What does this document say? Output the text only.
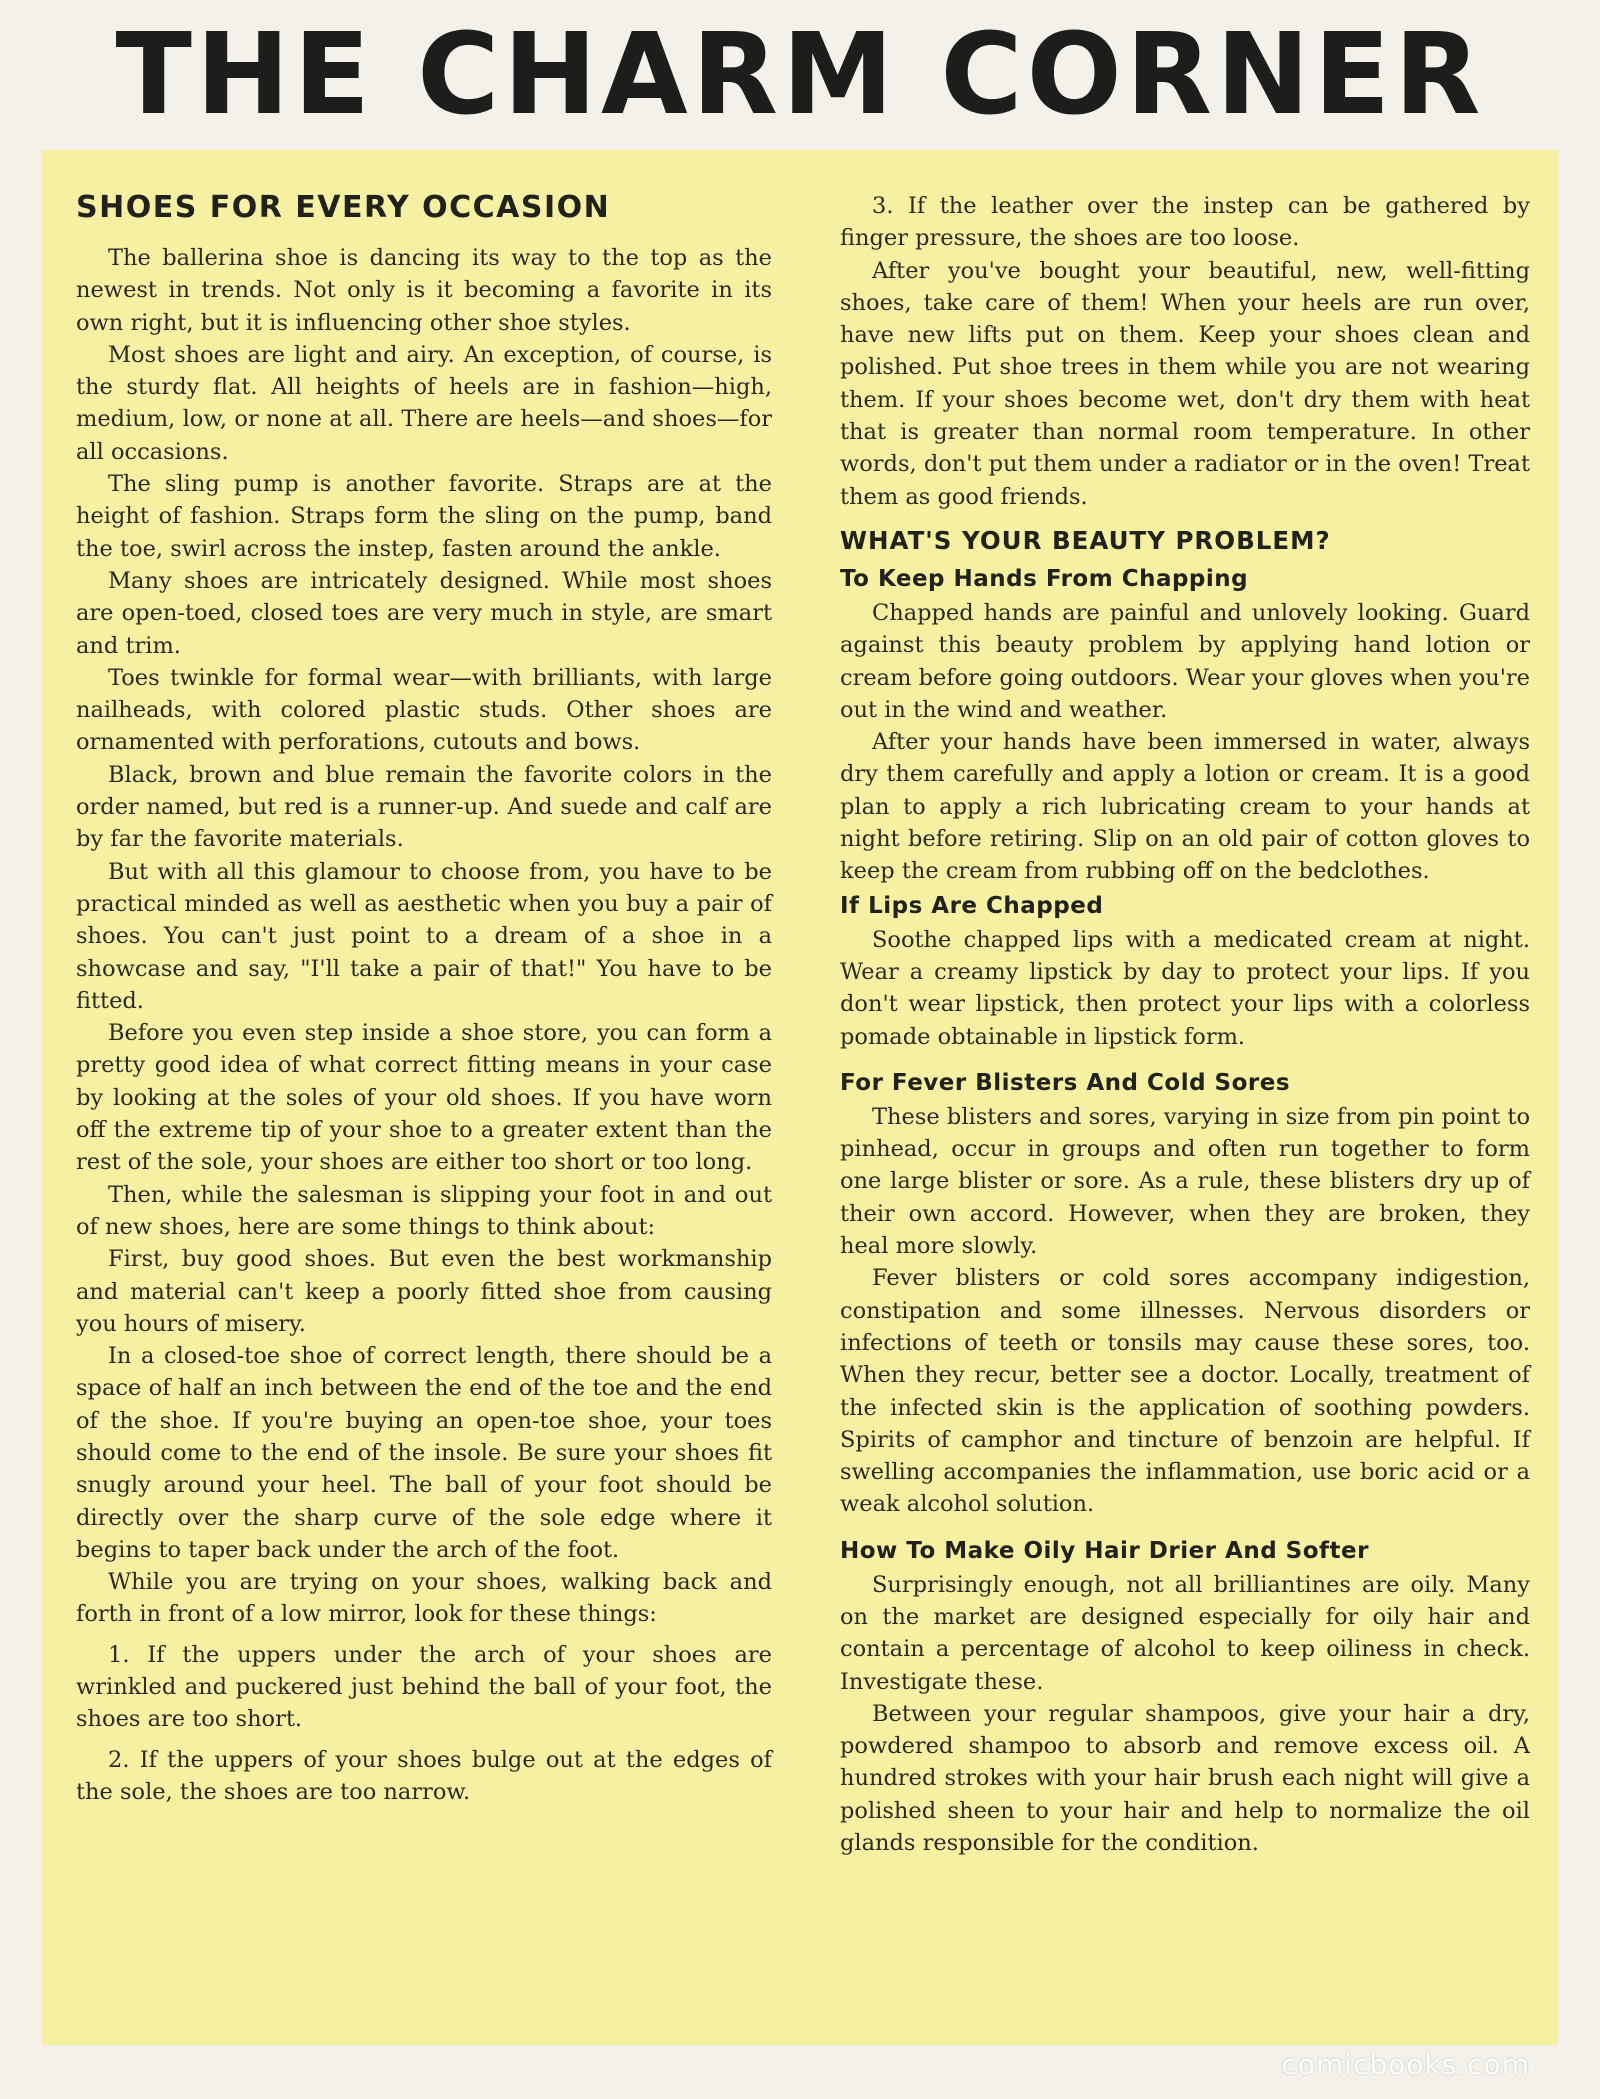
THE CHARM CORNER
SHOES FOR EVERY OCCASION

The ballerina shoe is dancing its way to the top as the newest in trends. Not only is it becoming a favorite in its own right, but it is influencing other shoe styles.

Most shoes are light and airy. An exception, of course, is the sturdy flat. All heights of heels are in fashion—high, medium, low, or none at all. There are heels—and shoes—for all occasions.

The sling pump is another favorite. Straps are at the height of fashion. Straps form the sling on the pump, band the toe, swirl across the instep, fasten around the ankle.

Many shoes are intricately designed. While most shoes are open-toed, closed toes are very much in style, are smart and trim.

Toes twinkle for formal wear—with brilliants, with large nailheads, with colored plastic studs. Other shoes are ornamented with perforations, cutouts and bows.

Black, brown and blue remain the favorite colors in the order named, but red is a runner-up. And suede and calf are by far the favorite materials.

But with all this glamour to choose from, you have to be practical minded as well as aesthetic when you buy a pair of shoes. You can't just point to a dream of a shoe in a showcase and say, "I'll take a pair of that!" You have to be fitted.

Before you even step inside a shoe store, you can form a pretty good idea of what correct fitting means in your case by looking at the soles of your old shoes. If you have worn off the extreme tip of your shoe to a greater extent than the rest of the sole, your shoes are either too short or too long.

Then, while the salesman is slipping your foot in and out of new shoes, here are some things to think about:

First, buy good shoes. But even the best workmanship and material can't keep a poorly fitted shoe from causing you hours of misery.

In a closed-toe shoe of correct length, there should be a space of half an inch between the end of the toe and the end of the shoe. If you're buying an open-toe shoe, your toes should come to the end of the insole. Be sure your shoes fit snugly around your heel. The ball of your foot should be directly over the sharp curve of the sole edge where it begins to taper back under the arch of the foot.

While you are trying on your shoes, walking back and forth in front of a low mirror, look for these things:

1. If the uppers under the arch of your shoes are wrinkled and puckered just behind the ball of your foot, the shoes are too short.

2. If the uppers of your shoes bulge out at the edges of the sole, the shoes are too narrow.

3. If the leather over the instep can be gathered by finger pressure, the shoes are too loose.

After you've bought your beautiful, new, well-fitting shoes, take care of them! When your heels are run over, have new lifts put on them. Keep your shoes clean and polished. Put shoe trees in them while you are not wearing them. If your shoes become wet, don't dry them with heat that is greater than normal room temperature. In other words, don't put them under a radiator or in the oven! Treat them as good friends.

WHAT'S YOUR BEAUTY PROBLEM?
To Keep Hands From Chapping

Chapped hands are painful and unlovely looking. Guard against this beauty problem by applying hand lotion or cream before going outdoors. Wear your gloves when you're out in the wind and weather.

After your hands have been immersed in water, always dry them carefully and apply a lotion or cream. It is a good plan to apply a rich lubricating cream to your hands at night before retiring. Slip on an old pair of cotton gloves to keep the cream from rubbing off on the bedclothes.

If Lips Are Chapped

Soothe chapped lips with a medicated cream at night. Wear a creamy lipstick by day to protect your lips. If you don't wear lipstick, then protect your lips with a colorless pomade obtainable in lipstick form.

For Fever Blisters And Cold Sores

These blisters and sores, varying in size from pin point to pinhead, occur in groups and often run together to form one large blister or sore. As a rule, these blisters dry up of their own accord. However, when they are broken, they heal more slowly.

Fever blisters or cold sores accompany indigestion, constipation and some illnesses. Nervous disorders or infections of teeth or tonsils may cause these sores, too. When they recur, better see a doctor. Locally, treatment of the infected skin is the application of soothing powders. Spirits of camphor and tincture of benzoin are helpful. If swelling accompanies the inflammation, use boric acid or a weak alcohol solution.

How To Make Oily Hair Drier And Softer

Surprisingly enough, not all brilliantines are oily. Many on the market are designed especially for oily hair and contain a percentage of alcohol to keep oiliness in check. Investigate these.

Between your regular shampoos, give your hair a dry, powdered shampoo to absorb and remove excess oil. A hundred strokes with your hair brush each night will give a polished sheen to your hair and help to normalize the oil glands responsible for the condition.

comicbooks.com
